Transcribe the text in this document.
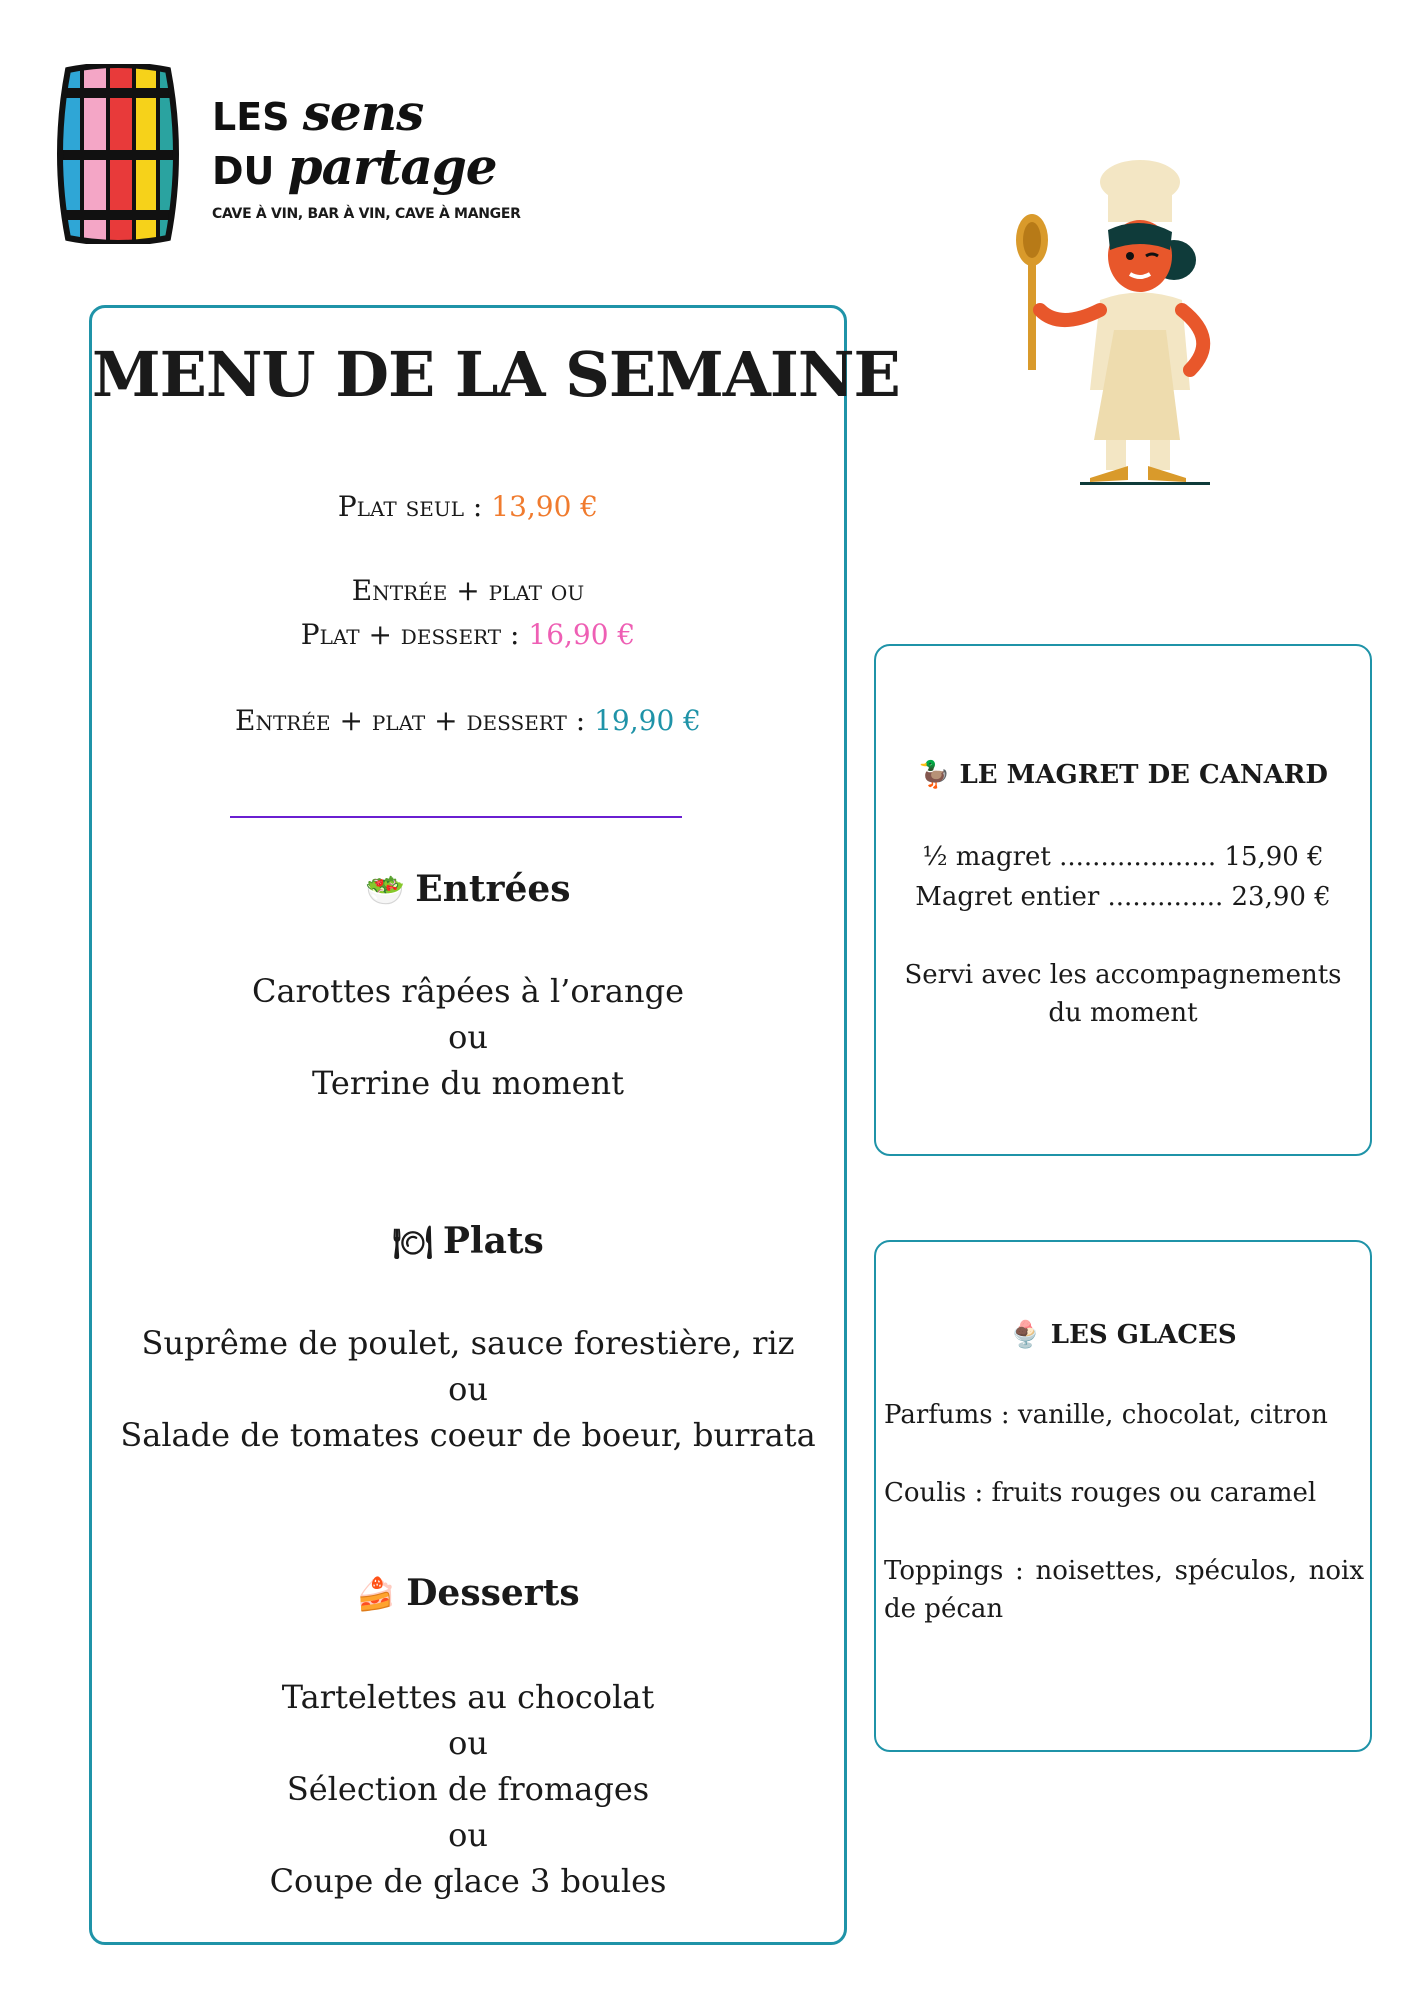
LES sens
DU partage
CAVE À VIN, BAR À VIN, CAVE À MANGER
MENU DE LA SEMAINE
Plat seul : 13,90 €
Entrée + plat ou
Plat + dessert : 16,90 €
Entrée + plat + dessert : 19,90 €
🥗 Entrées
Carottes râpées à l’orange
ou
Terrine du moment
🍽 Plats
Suprême de poulet, sauce forestière, riz
ou
Salade de tomates coeur de boeur, burrata
🍰 Desserts
Tartelettes au chocolat
ou
Sélection de fromages
ou
Coupe de glace 3 boules
🦆 LE MAGRET DE CANARD
½ magret ................... 15,90 €
Magret entier .............. 23,90 €
Servi avec les accompagnements
du moment
🍨 LES GLACES
Parfums : vanille, chocolat, citron
Coulis : fruits rouges ou caramel
Toppings : noisettes, spéculos, noix de pécan
